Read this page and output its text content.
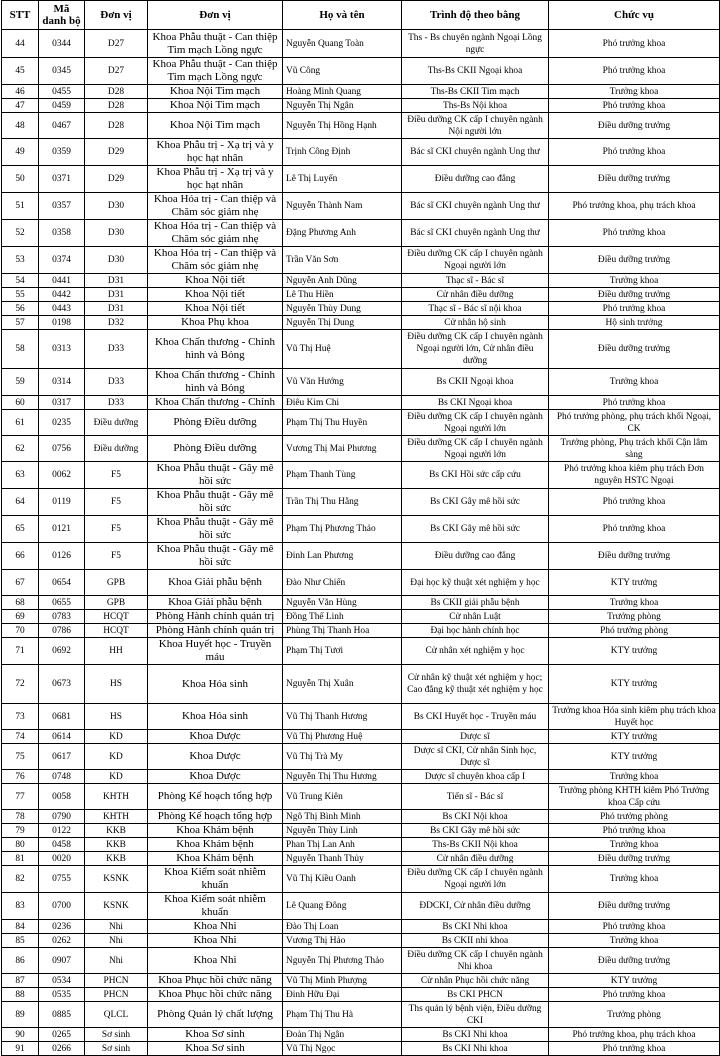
STT	Mã danh bộ	Đơn vị	Đơn vị	Họ và tên	Trình độ theo bằng	Chức vụ
44	0344	D27	Khoa Phẫu thuật - Can thiệp Tim mạch Lồng ngực	Nguyễn Quang Toàn	Ths - Bs chuyên ngành Ngoại Lồng ngực	Phó trưởng khoa
45	0345	D27	Khoa Phẫu thuật - Can thiệp Tim mạch Lồng ngực	Vũ Công	Ths-Bs CKII Ngoại khoa	Phó trưởng khoa
46	0455	D28	Khoa Nội Tim mạch	Hoàng Minh Quang	Ths-Bs CKII Tim mạch	Trưởng khoa
47	0459	D28	Khoa Nội Tim mạch	Nguyễn Thị Ngân	Ths-Bs Nội khoa	Phó trưởng khoa
48	0467	D28	Khoa Nội Tim mạch	Nguyễn Thị Hồng Hạnh	Điều dưỡng CK cấp I chuyên ngành Nội người lớn	Điều dưỡng trưởng
49	0359	D29	Khoa Phẫu trị - Xạ trị và y học hạt nhân	Trịnh Công Định	Bác sĩ CKI chuyên ngành Ung thư	Phó trưởng khoa
50	0371	D29	Khoa Phẫu trị - Xạ trị và y học hạt nhân	Lê Thị Luyến	Điều dưỡng cao đẳng	Điều dưỡng trưởng
51	0357	D30	Khoa Hóa trị - Can thiệp và Chăm sóc giảm nhẹ	Nguyễn Thành Nam	Bác sĩ CKI chuyên ngành Ung thư	Phó trưởng khoa, phụ trách khoa
52	0358	D30	Khoa Hóa trị - Can thiệp và Chăm sóc giảm nhẹ	Đặng Phương Anh	Bác sĩ CKI chuyên ngành Ung thư	Phó trưởng khoa
53	0374	D30	Khoa Hóa trị - Can thiệp và Chăm sóc giảm nhẹ	Trần Văn Sơn	Điều dưỡng CK cấp I chuyên ngành Ngoại người lớn	Điều dưỡng trưởng
54	0441	D31	Khoa Nội tiết	Nguyễn Anh Dũng	Thạc sĩ - Bác sĩ	Trưởng khoa
55	0442	D31	Khoa Nội tiết	Lê Thu Hiền	Cử nhân điều dưỡng	Điều dưỡng trưởng
56	0443	D31	Khoa Nội tiết	Nguyễn Thùy Dung	Thạc sĩ - Bác sĩ nội khoa	Phó trưởng khoa
57	0198	D32	Khoa Phụ khoa	Nguyễn Thị Dung	Cử nhân hộ sinh	Hộ sinh trưởng
58	0313	D33	Khoa Chấn thương - Chỉnh hình và Bỏng	Vũ Thị Huệ	Điều dưỡng CK cấp I chuyên ngành Ngoại người lớn, Cử nhân điều dưỡng	Điều dưỡng trưởng
59	0314	D33	Khoa Chấn thương - Chỉnh hình và Bỏng	Vũ Văn Hướng	Bs CKII Ngoại khoa	Trưởng khoa
60	0317	D33	Khoa Chấn thương - Chỉnh	Điêu Kim Chi	Bs CKI Ngoại khoa	Phó trưởng khoa
61	0235	Điều dưỡng	Phòng Điều dưỡng	Phạm Thị Thu Huyền	Điều dưỡng CK cấp I chuyên ngành Ngoại người lớn	Phó trưởng phòng, phụ trách khối Ngoại, CK
62	0756	Điều dưỡng	Phòng Điều dưỡng	Vương Thị Mai Phương	Điều dưỡng CK cấp I chuyên ngành Ngoại người lớn	Trưởng phòng, Phụ trách khối Cận lâm sàng
63	0062	F5	Khoa Phẫu thuật - Gây mê hồi sức	Phạm Thanh Tùng	Bs CKI Hồi sức cấp cứu	Phó trưởng khoa kiêm phụ trách Đơn nguyên HSTC Ngoại
64	0119	F5	Khoa Phẫu thuật - Gây mê hồi sức	Trần Thị Thu Hằng	Bs CKI Gây mê hồi sức	Phó trưởng khoa
65	0121	F5	Khoa Phẫu thuật - Gây mê hồi sức	Phạm Thị Phương Thảo	Bs CKI Gây mê hồi sức	Phó trưởng khoa
66	0126	F5	Khoa Phẫu thuật - Gây mê hồi sức	Đinh Lan Phương	Điều dưỡng cao đẳng	Điều dưỡng trưởng
67	0654	GPB	Khoa Giải phẫu bệnh	Đào Như Chiến	Đại học kỹ thuật xét nghiệm y học	KTY trưởng
68	0655	GPB	Khoa Giải phẫu bệnh	Nguyễn Văn Hùng	Bs CKII giải phẫu bệnh	Trưởng khoa
69	0783	HCQT	Phòng Hành chính quản trị	Đồng Thế Linh	Cử nhân Luật	Trưởng phòng
70	0786	HCQT	Phòng Hành chính quản trị	Phùng Thị Thanh Hoa	Đại học hành chính học	Phó trưởng phòng
71	0692	HH	Khoa Huyết học - Truyền máu	Phạm Thị Tươi	Cử nhân xét nghiệm y học	KTY trưởng
72	0673	HS	Khoa Hóa sinh	Nguyễn Thị Xuân	Cử nhân kỹ thuật xét nghiệm y học; Cao đẳng kỹ thuật xét nghiệm y học	KTY trưởng
73	0681	HS	Khoa Hóa sinh	Vũ Thị Thanh Hương	Bs CKI Huyết học - Truyền máu	Trưởng khoa Hóa sinh kiêm phụ trách khoa Huyết học
74	0614	KD	Khoa Dược	Vũ Thị Phương Huệ	Dược sĩ	KTY trưởng
75	0617	KD	Khoa Dược	Vũ Thị Trà My	Dược sĩ CKI, Cử nhân Sinh học, Dược sĩ	KTY trưởng
76	0748	KD	Khoa Dược	Nguyễn Thị Thu Hương	Dược sĩ chuyên khoa cấp I	Trưởng khoa
77	0058	KHTH	Phòng Kế hoạch tổng hợp	Vũ Trung Kiên	Tiến sĩ - Bác sĩ	Trưởng phòng KHTH kiêm Phó Trưởng khoa Cấp cứu
78	0790	KHTH	Phòng Kế hoạch tổng hợp	Ngô Thị Bình Minh	Bs CKI Nội khoa	Phó trưởng phòng
79	0122	KKB	Khoa Khám bệnh	Nguyễn Thùy Linh	Bs CKI Gây mê hồi sức	Phó trưởng khoa
80	0458	KKB	Khoa Khám bệnh	Phan Thị Lan Anh	Ths-Bs CKII Nội khoa	Trưởng khoa
81	0020	KKB	Khoa Khám bệnh	Nguyễn Thanh Thủy	Cử nhân điều dưỡng	Điều dưỡng trưởng
82	0755	KSNK	Khoa Kiểm soát nhiễm khuẩn	Vũ Thị Kiều Oanh	Điều dưỡng CK cấp I chuyên ngành Ngoại người lớn	Trưởng khoa
83	0700	KSNK	Khoa Kiểm soát nhiễm khuẩn	Lê Quang Đông	ĐDCKI, Cử nhân điều dưỡng	Điều dưỡng trưởng
84	0236	Nhi	Khoa Nhi	Đào Thị Loan	Bs CKI Nhi khoa	Phó trưởng khoa
85	0262	Nhi	Khoa Nhi	Vương Thị Hảo	Bs CKII nhi khoa	Trưởng khoa
86	0907	Nhi	Khoa Nhi	Nguyễn Thị Phương Thảo	Điều dưỡng CK cấp I chuyên ngành Nhi khoa	Điều dưỡng trưởng
87	0534	PHCN	Khoa Phục hồi chức năng	Vũ Thị Minh Phượng	Cử nhân Phục hồi chức năng	KTY trưởng
88	0535	PHCN	Khoa Phục hồi chức năng	Đinh Hữu Đại	Bs CKI PHCN	Phó trưởng khoa
89	0885	QLCL	Phòng Quản lý chất lượng	Phạm Thị Thu Hà	Ths quản lý bệnh viện, Điều dưỡng CKI	Trưởng phòng
90	0265	Sơ sinh	Khoa Sơ sinh	Đoàn Thị Ngân	Bs CKI Nhi khoa	Phó trưởng khoa, phụ trách khoa
91	0266	Sơ sinh	Khoa Sơ sinh	Vũ Thị Ngọc	Bs CKI Nhi khoa	Phó trưởng khoa
